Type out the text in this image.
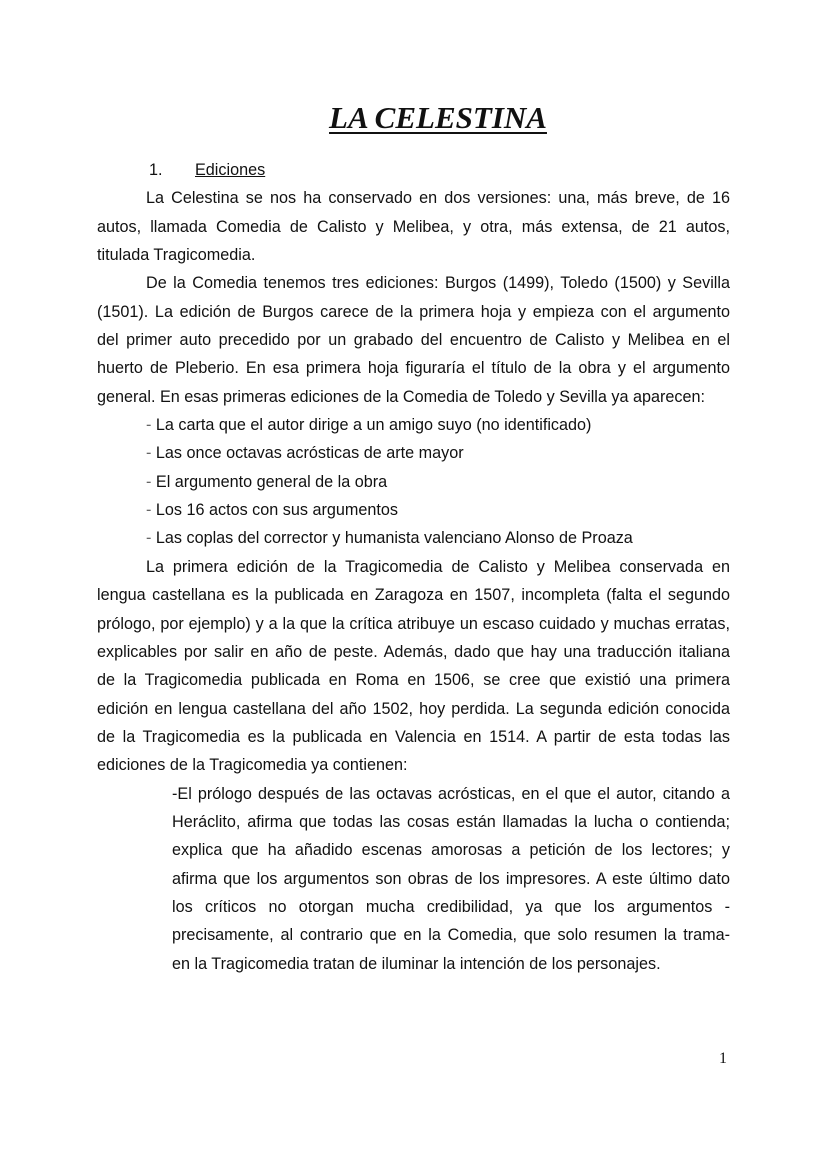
LA CELESTINA
1. Ediciones
La Celestina se nos ha conservado en dos versiones: una, más breve, de 16
autos, llamada Comedia de Calisto y Melibea, y otra, más extensa, de 21 autos,
titulada Tragicomedia.
De la Comedia tenemos tres ediciones: Burgos (1499), Toledo (1500) y Sevilla
(1501). La edición de Burgos carece de la primera hoja y empieza con el argumento
del primer auto precedido por un grabado del encuentro de Calisto y Melibea en el
huerto de Pleberio. En esa primera hoja figuraría el título de la obra y el argumento
general. En esas primeras ediciones de la Comedia de Toledo y Sevilla ya aparecen:
- La carta que el autor dirige a un amigo suyo (no identificado)
- Las once octavas acrósticas de arte mayor
- El argumento general de la obra
- Los 16 actos con sus argumentos
- Las coplas del corrector y humanista valenciano Alonso de Proaza
La primera edición de la Tragicomedia de Calisto y Melibea conservada en
lengua castellana es la publicada en Zaragoza en 1507, incompleta (falta el segundo
prólogo, por ejemplo) y a la que la crítica atribuye un escaso cuidado y muchas erratas,
explicables por salir en año de peste. Además, dado que hay una traducción italiana
de la Tragicomedia publicada en Roma en 1506, se cree que existió una primera
edición en lengua castellana del año 1502, hoy perdida. La segunda edición conocida
de la Tragicomedia es la publicada en Valencia en 1514. A partir de esta todas las
ediciones de la Tragicomedia ya contienen:
-El prólogo después de las octavas acrósticas, en el que el autor, citando a
Heráclito, afirma que todas las cosas están llamadas la lucha o contienda;
explica que ha añadido escenas amorosas a petición de los lectores; y
afirma que los argumentos son obras de los impresores. A este último dato
los críticos no otorgan mucha credibilidad, ya que los argumentos -
precisamente, al contrario que en la Comedia, que solo resumen la trama-
en la Tragicomedia tratan de iluminar la intención de los personajes.
1
